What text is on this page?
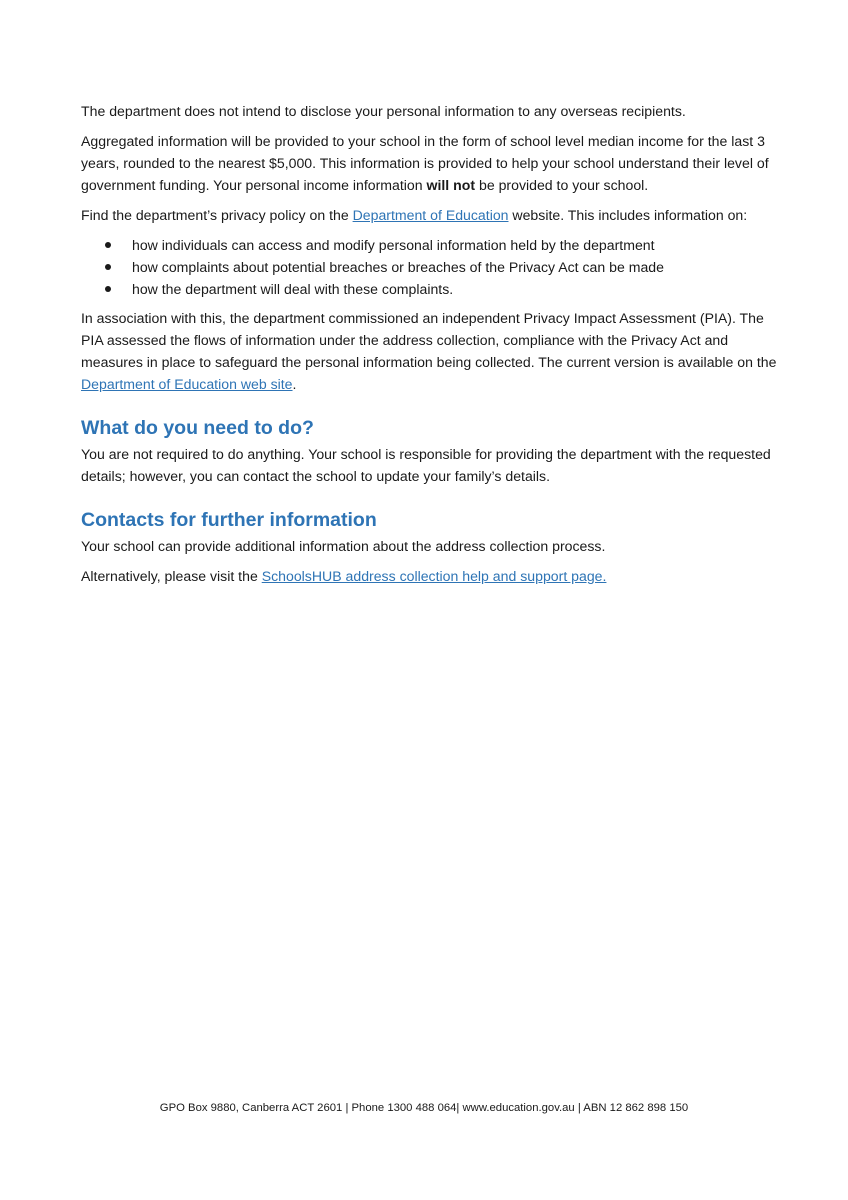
The department does not intend to disclose your personal information to any overseas recipients.

Aggregated information will be provided to your school in the form of school level median income for the last 3 years, rounded to the nearest $5,000. This information is provided to help your school understand their level of government funding. Your personal income information will not be provided to your school.

Find the department’s privacy policy on the Department of Education website. This includes information on:

how individuals can access and modify personal information held by the department
how complaints about potential breaches or breaches of the Privacy Act can be made
how the department will deal with these complaints.

In association with this, the department commissioned an independent Privacy Impact Assessment (PIA). The PIA assessed the flows of information under the address collection, compliance with the Privacy Act and measures in place to safeguard the personal information being collected. The current version is available on the Department of Education web site.

What do you need to do?

You are not required to do anything. Your school is responsible for providing the department with the requested details; however, you can contact the school to update your family’s details.

Contacts for further information

Your school can provide additional information about the address collection process.

Alternatively, please visit the SchoolsHUB address collection help and support page.

GPO Box 9880, Canberra ACT 2601 | Phone 1300 488 064| www.education.gov.au | ABN 12 862 898 150
